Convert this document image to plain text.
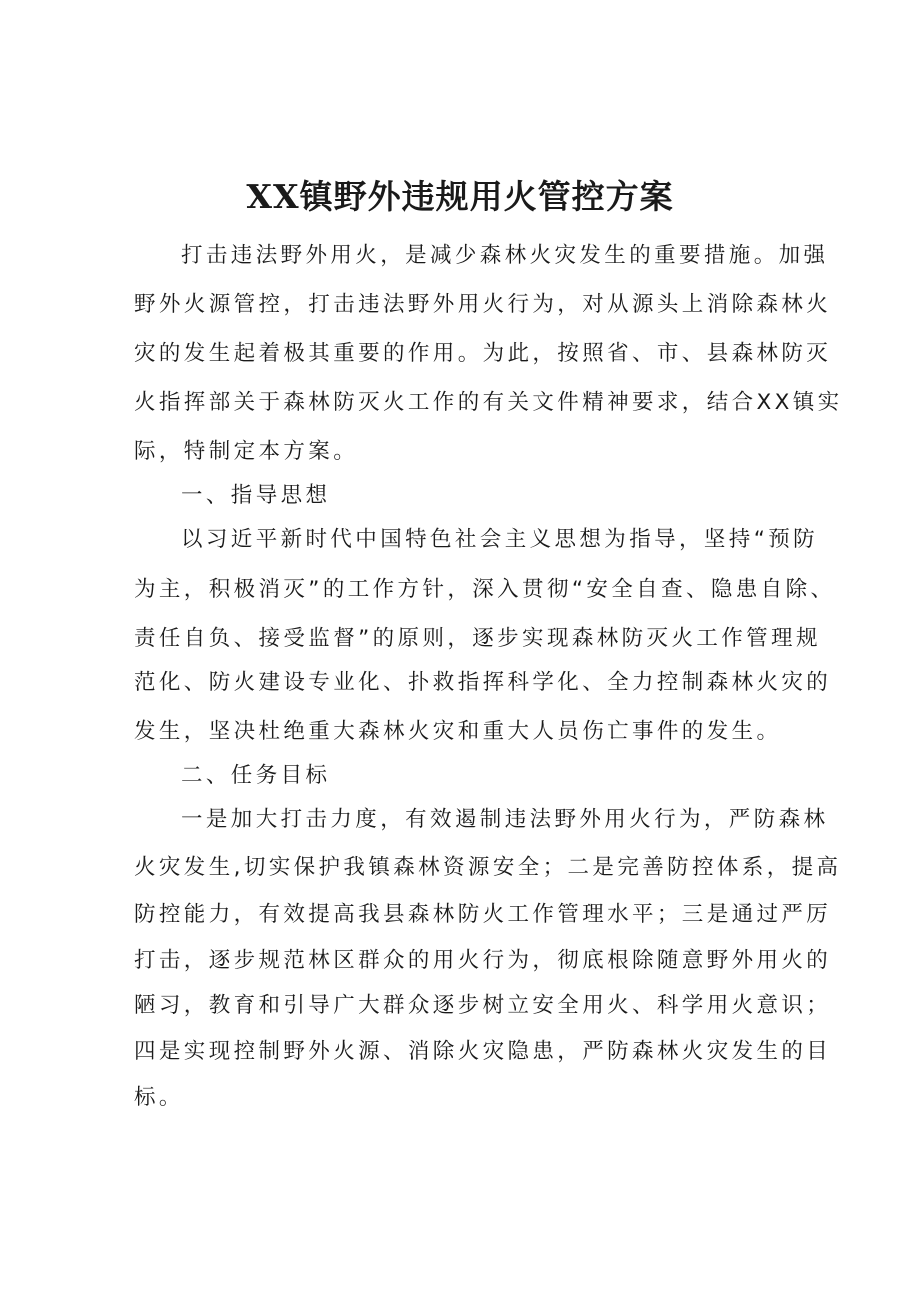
XX镇野外违规用火管控方案
打击违法野外用火，是减少森林火灾发生的重要措施。加强
野外火源管控，打击违法野外用火行为，对从源头上消除森林火
灾的发生起着极其重要的作用。为此，按照省、市、县森林防灭
火指挥部关于森林防灭火工作的有关文件精神要求，结合XX镇实
际，特制定本方案。
一、指导思想
以习近平新时代中国特色社会主义思想为指导，坚持“预防
为主，积极消灭”的工作方针，深入贯彻“安全自查、隐患自除、
责任自负、接受监督”的原则，逐步实现森林防灭火工作管理规
范化、防火建设专业化、扑救指挥科学化、全力控制森林火灾的
发生，坚决杜绝重大森林火灾和重大人员伤亡事件的发生。
二、任务目标
一是加大打击力度，有效遏制违法野外用火行为，严防森林
火灾发生,切实保护我镇森林资源安全；二是完善防控体系，提高
防控能力，有效提高我县森林防火工作管理水平；三是通过严厉
打击，逐步规范林区群众的用火行为，彻底根除随意野外用火的
陋习，教育和引导广大群众逐步树立安全用火、科学用火意识；
四是实现控制野外火源、消除火灾隐患，严防森林火灾发生的目
标。
